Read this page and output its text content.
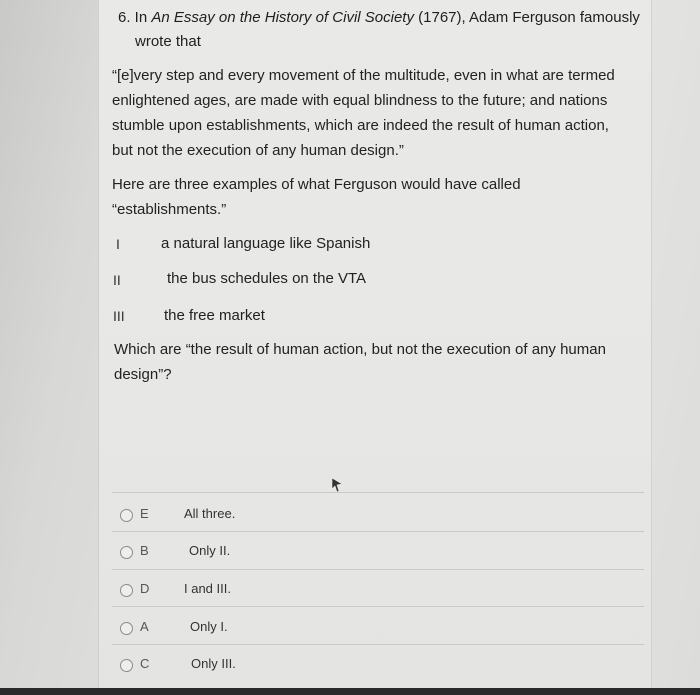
6. In An Essay on the History of Civil Society (1767), Adam Ferguson famously
wrote that
“[e]very step and every movement of the multitude, even in what are termed
enlightened ages, are made with equal blindness to the future; and nations
stumble upon establishments, which are indeed the result of human action,
but not the execution of any human design.”
Here are three examples of what Ferguson would have called
“establishments.”
I	a natural language like Spanish
II	the bus schedules on the VTA
III	the free market
Which are “the result of human action, but not the execution of any human
design”?
E	All three.
B	Only II.
D	I and III.
A	Only I.
C	Only III.
